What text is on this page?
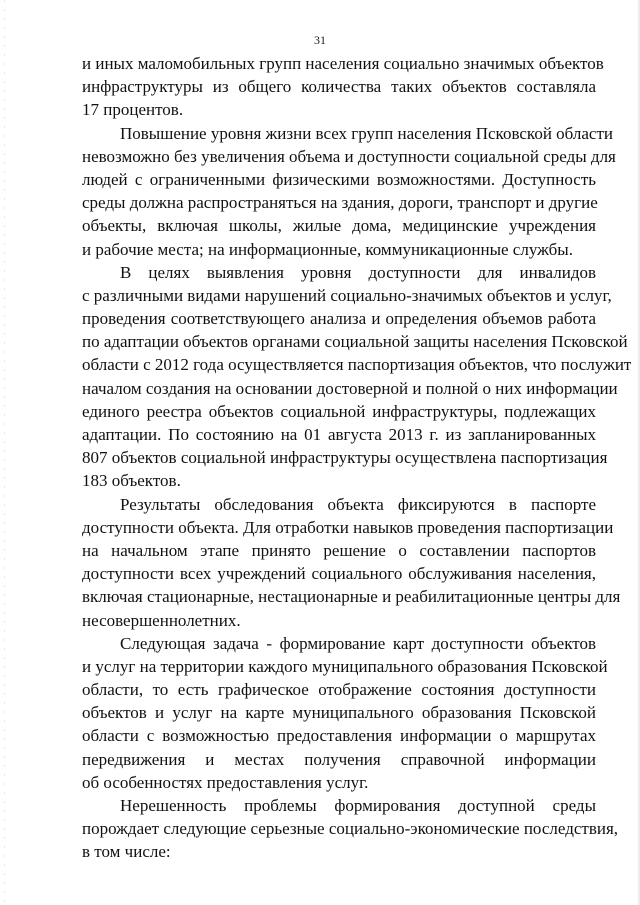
31

и иных маломобильных групп населения социально значимых объектов
инфраструктуры из общего количества таких объектов составляла
17 процентов.

Повышение уровня жизни всех групп населения Псковской области
невозможно без увеличения объема и доступности социальной среды для
людей с ограниченными физическими возможностями. Доступность
среды должна распространяться на здания, дороги, транспорт и другие
объекты, включая школы, жилые дома, медицинские учреждения
и рабочие места; на информационные, коммуникационные службы.

В целях выявления уровня доступности для инвалидов
с различными видами нарушений социально-значимых объектов и услуг,
проведения соответствующего анализа и определения объемов работа
по адаптации объектов органами социальной защиты населения Псковской
области с 2012 года осуществляется паспортизация объектов, что послужит
началом создания на основании достоверной и полной о них информации
единого реестра объектов социальной инфраструктуры, подлежащих
адаптации. По состоянию на 01 августа 2013 г. из запланированных
807 объектов социальной инфраструктуры осуществлена паспортизация
183 объектов.

Результаты обследования объекта фиксируются в паспорте
доступности объекта. Для отработки навыков проведения паспортизации
на начальном этапе принято решение о составлении паспортов
доступности всех учреждений социального обслуживания населения,
включая стационарные, нестационарные и реабилитационные центры для
несовершеннолетних.

Следующая задача - формирование карт доступности объектов
и услуг на территории каждого муниципального образования Псковской
области, то есть графическое отображение состояния доступности
объектов и услуг на карте муниципального образования Псковской
области с возможностью предоставления информации о маршрутах
передвижения и местах получения справочной информации
об особенностях предоставления услуг.

Нерешенность проблемы формирования доступной среды
порождает следующие серьезные социально-экономические последствия,
в том числе:
